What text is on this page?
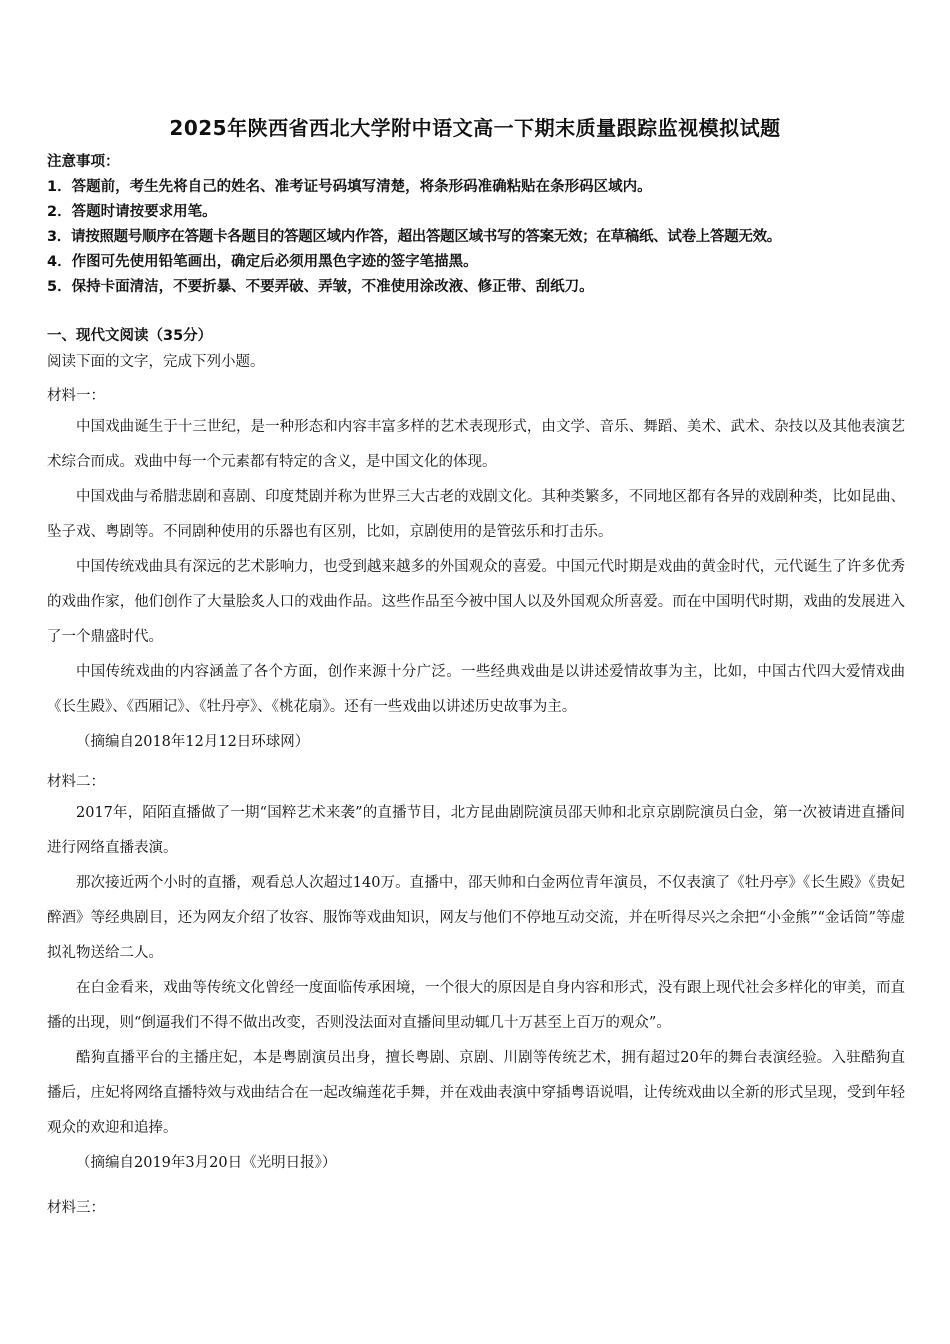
2025年陕西省西北大学附中语文高一下期末质量跟踪监视模拟试题
注意事项：
1．答题前，考生先将自己的姓名、准考证号码填写清楚，将条形码准确粘贴在条形码区域内。
2．答题时请按要求用笔。
3．请按照题号顺序在答题卡各题目的答题区域内作答，超出答题区域书写的答案无效；在草稿纸、试卷上答题无效。
4．作图可先使用铅笔画出，确定后必须用黑色字迹的签字笔描黑。
5．保持卡面清洁，不要折暴、不要弄破、弄皱，不准使用涂改液、修正带、刮纸刀。
一、现代文阅读（35分）
阅读下面的文字，完成下列小题。
材料一：

中国戏曲诞生于十三世纪，是一种形态和内容丰富多样的艺术表现形式，由文学、音乐、舞蹈、美术、武术、杂技以及其他表演艺术综合而成。戏曲中每一个元素都有特定的含义，是中国文化的体现。

中国戏曲与希腊悲剧和喜剧、印度梵剧并称为世界三大古老的戏剧文化。其种类繁多，不同地区都有各异的戏剧种类，比如昆曲、坠子戏、粤剧等。不同剧种使用的乐器也有区别，比如，京剧使用的是管弦乐和打击乐。

中国传统戏曲具有深远的艺术影响力，也受到越来越多的外国观众的喜爱。中国元代时期是戏曲的黄金时代，元代诞生了许多优秀的戏曲作家，他们创作了大量脍炙人口的戏曲作品。这些作品至今被中国人以及外国观众所喜爱。而在中国明代时期，戏曲的发展进入了一个鼎盛时代。

中国传统戏曲的内容涵盖了各个方面，创作来源十分广泛。一些经典戏曲是以讲述爱情故事为主，比如，中国古代四大爱情戏曲《长生殿》、《西厢记》、《牡丹亭》、《桃花扇》。还有一些戏曲以讲述历史故事为主。

（摘编自2018年12月12日环球网）

材料二：

2017年，陌陌直播做了一期“国粹艺术来袭”的直播节目，北方昆曲剧院演员邵天帅和北京京剧院演员白金，第一次被请进直播间进行网络直播表演。

那次接近两个小时的直播，观看总人次超过140万。直播中，邵天帅和白金两位青年演员，不仅表演了《牡丹亭》《长生殿》《贵妃醉酒》等经典剧目，还为网友介绍了妆容、服饰等戏曲知识，网友与他们不停地互动交流，并在听得尽兴之余把“小金熊”“金话筒”等虚拟礼物送给二人。

在白金看来，戏曲等传统文化曾经一度面临传承困境，一个很大的原因是自身内容和形式，没有跟上现代社会多样化的审美，而直播的出现，则“倒逼我们不得不做出改变，否则没法面对直播间里动辄几十万甚至上百万的观众”。

酷狗直播平台的主播庄妃，本是粤剧演员出身，擅长粤剧、京剧、川剧等传统艺术，拥有超过20年的舞台表演经验。入驻酷狗直播后，庄妃将网络直播特效与戏曲结合在一起改编莲花手舞，并在戏曲表演中穿插粤语说唱，让传统戏曲以全新的形式呈现，受到年轻观众的欢迎和追捧。

（摘编自2019年3月20日《光明日报》）

材料三：
